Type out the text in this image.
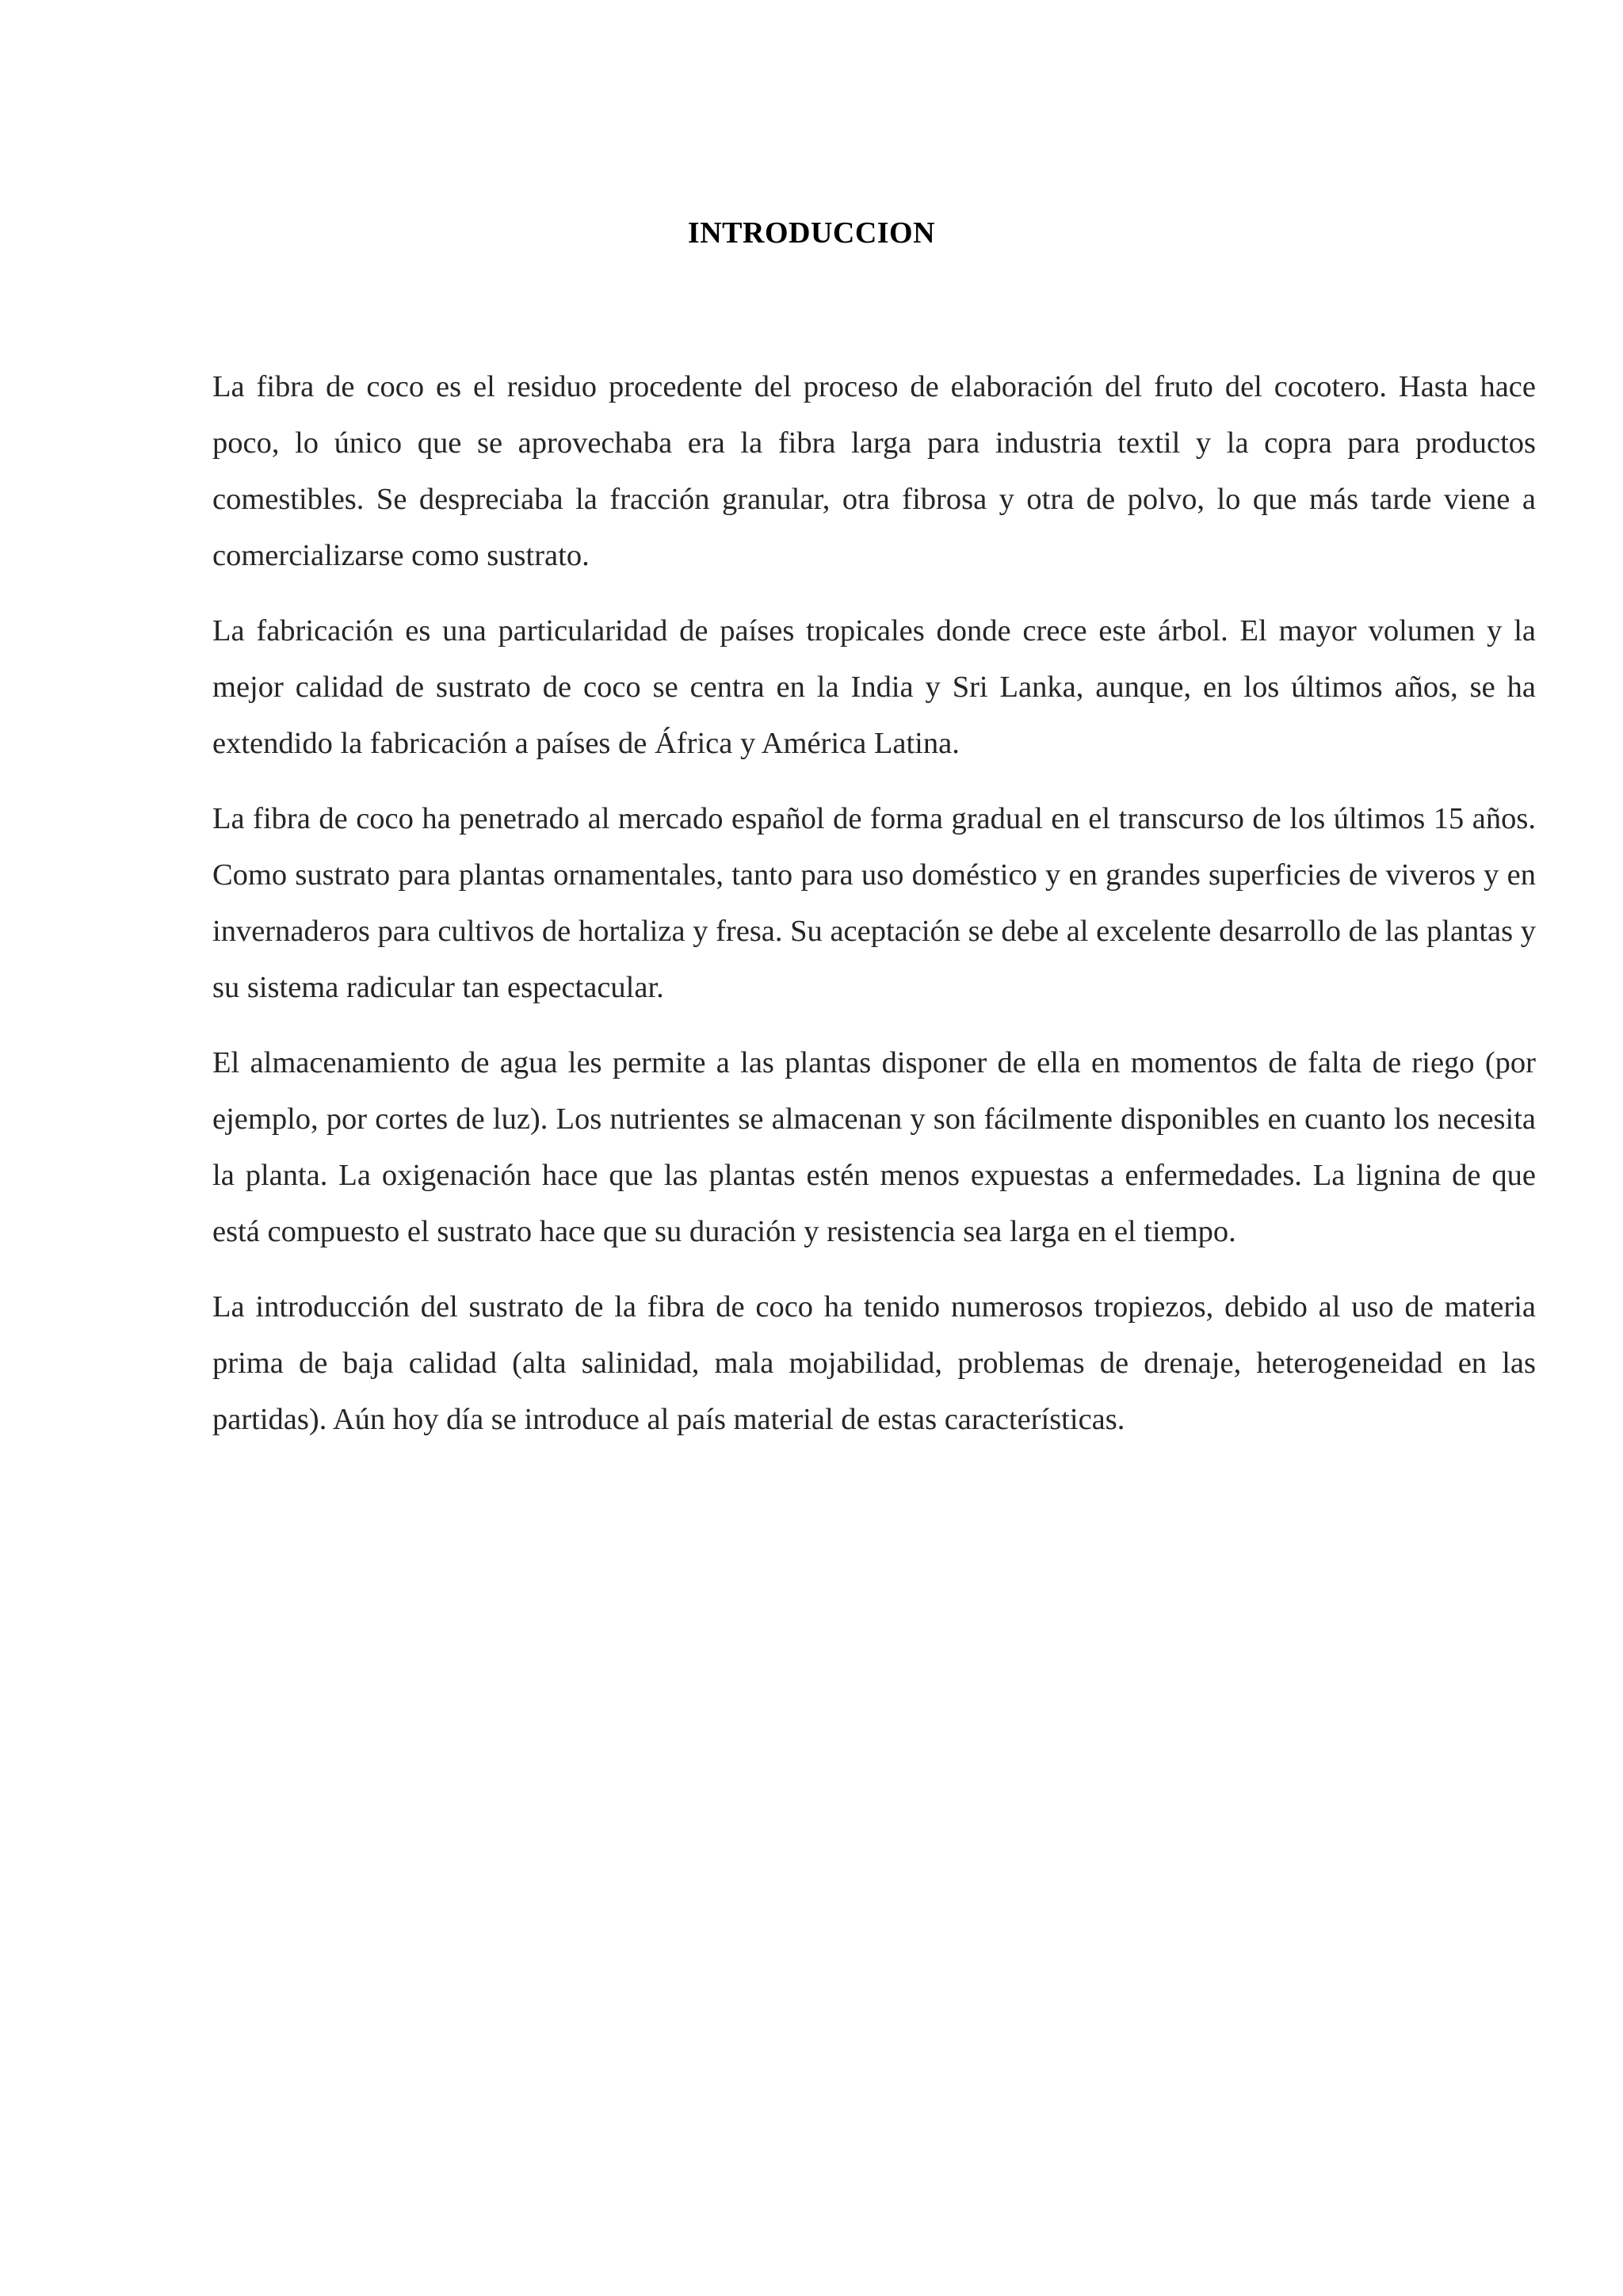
INTRODUCCION

La fibra de coco es el residuo procedente del proceso de elaboración del fruto del cocotero. Hasta hace poco, lo único que se aprovechaba era la fibra larga para industria textil y la copra para productos comestibles. Se despreciaba la fracción granular, otra fibrosa y otra de polvo, lo que más tarde viene a comercializarse como sustrato.

La fabricación es una particularidad de países tropicales donde crece este árbol. El mayor volumen y la mejor calidad de sustrato de coco se centra en la India y Sri Lanka, aunque, en los últimos años, se ha extendido la fabricación a países de África y América Latina.

La fibra de coco ha penetrado al mercado español de forma gradual en el transcurso de los últimos 15 años. Como sustrato para plantas ornamentales, tanto para uso doméstico y en grandes superficies de viveros y en invernaderos para cultivos de hortaliza y fresa. Su aceptación se debe al excelente desarrollo de las plantas y su sistema radicular tan espectacular.

El almacenamiento de agua les permite a las plantas disponer de ella en momentos de falta de riego (por ejemplo, por cortes de luz). Los nutrientes se almacenan y son fácilmente disponibles en cuanto los necesita la planta. La oxigenación hace que las plantas estén menos expuestas a enfermedades. La lignina de que está compuesto el sustrato hace que su duración y resistencia sea larga en el tiempo.

La introducción del sustrato de la fibra de coco ha tenido numerosos tropiezos, debido al uso de materia prima de baja calidad (alta salinidad, mala mojabilidad, problemas de drenaje, heterogeneidad en las partidas). Aún hoy día se introduce al país material de estas características.
